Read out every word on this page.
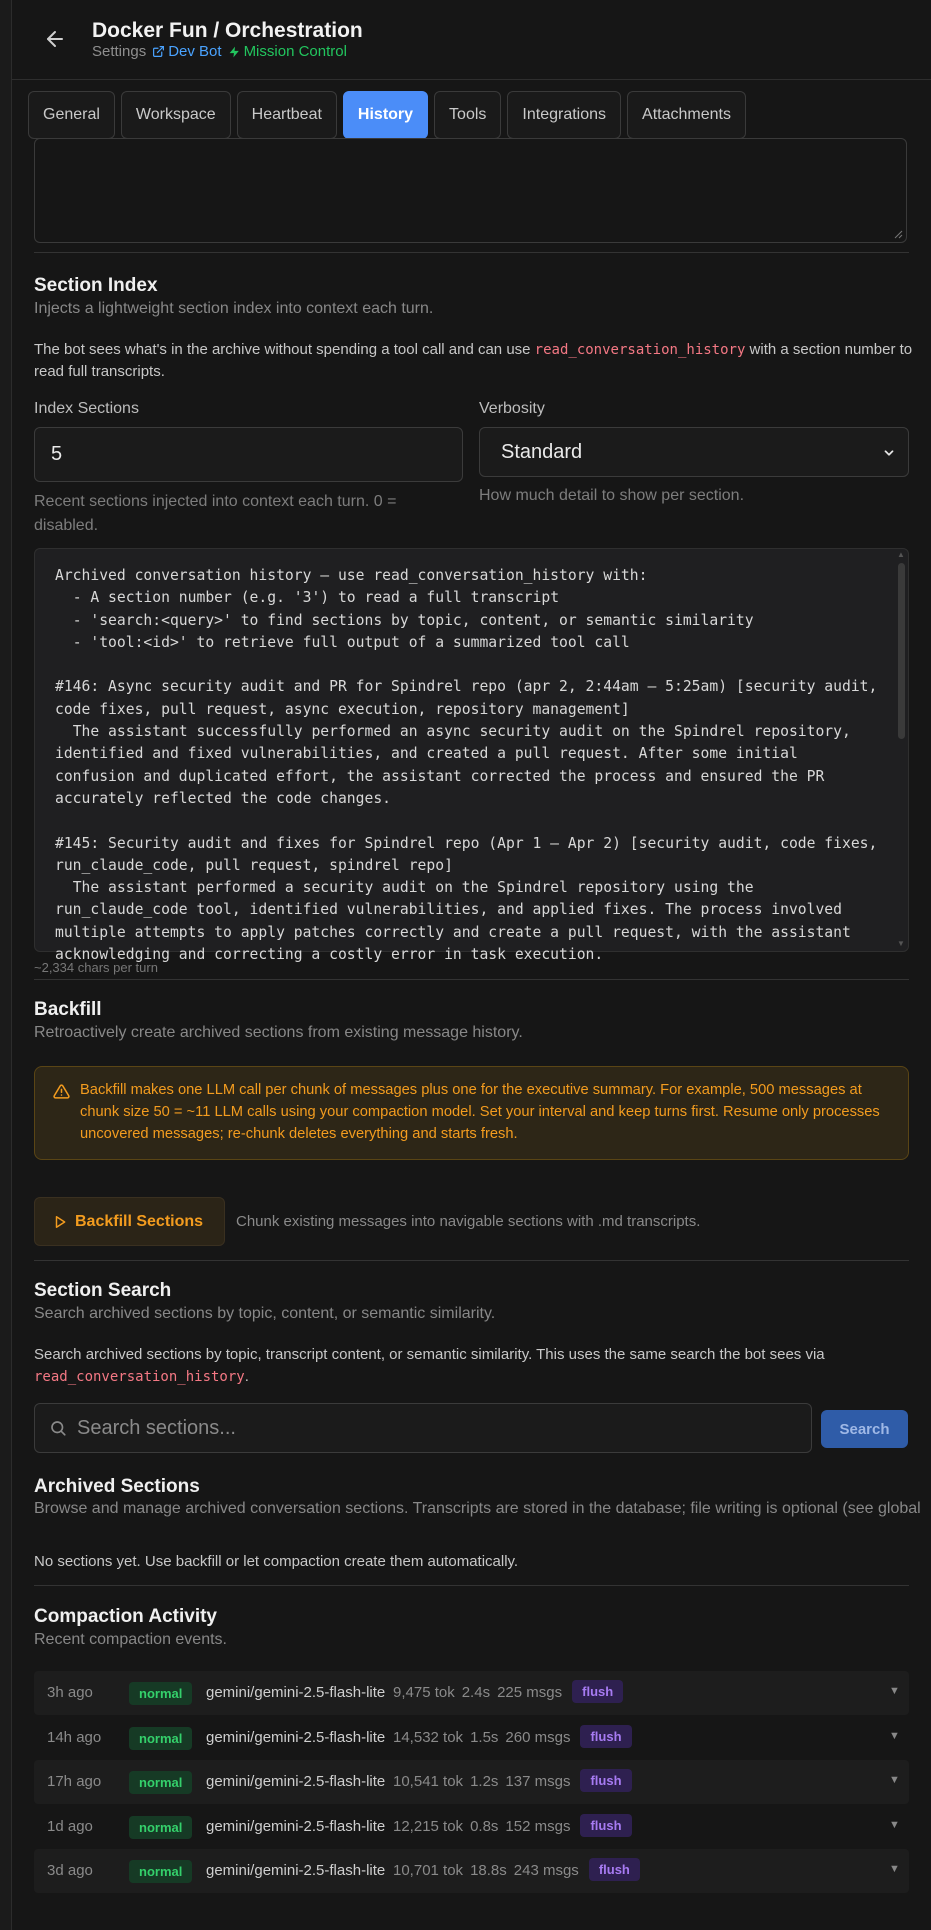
Docker Fun / Orchestration
Settings Dev Bot Mission Control
General	Workspace	Heartbeat	History	Tools	Integrations	Attachments
Section Index
Injects a lightweight section index into context each turn.
The bot sees what's in the archive without spending a tool call and can use read_conversation_history with a section number to read full transcripts.
Index Sections
5
Recent sections injected into context each turn. 0 = disabled.
Verbosity
Standard
How much detail to show per section.
Archived conversation history — use read_conversation_history with:
- A section number (e.g. '3') to read a full transcript
- 'search:<query>' to find sections by topic, content, or semantic similarity
- 'tool:<id>' to retrieve full output of a summarized tool call

#146: Async security audit and PR for Spindrel repo (apr 2, 2:44am — 5:25am) [security audit, code fixes, pull request, async execution, repository management]
The assistant successfully performed an async security audit on the Spindrel repository, identified and fixed vulnerabilities, and created a pull request. After some initial confusion and duplicated effort, the assistant corrected the process and ensured the PR accurately reflected the code changes.

#145: Security audit and fixes for Spindrel repo (Apr 1 — Apr 2) [security audit, code fixes, run_claude_code, pull request, spindrel repo]
The assistant performed a security audit on the Spindrel repository using the run_claude_code tool, identified vulnerabilities, and applied fixes. The process involved multiple attempts to apply patches correctly and create a pull request, with the assistant acknowledging and correcting a costly error in task execution.
▲
▼
~2,334 chars per turn
Backfill
Retroactively create archived sections from existing message history.
Backfill makes one LLM call per chunk of messages plus one for the executive summary. For example, 500 messages at chunk size 50 = ~11 LLM calls using your compaction model. Set your interval and keep turns first. Resume only processes uncovered messages; re-chunk deletes everything and starts fresh.
Backfill Sections Chunk existing messages into navigable sections with .md transcripts.
Section Search
Search archived sections by topic, content, or semantic similarity.
Search archived sections by topic, transcript content, or semantic similarity. This uses the same search the bot sees via read_conversation_history.
Search sections...	Search
Archived Sections
Browse and manage archived conversation sections. Transcripts are stored in the database; file writing is optional (see global
No sections yet. Use backfill or let compaction create them automatically.
Compaction Activity
Recent compaction events.
3h ago	normal	gemini/gemini-2.5-flash-lite 9,475 tok 2.4s 225 msgs	flush	▼
14h ago	normal	gemini/gemini-2.5-flash-lite 14,532 tok 1.5s 260 msgs	flush	▼
17h ago	normal	gemini/gemini-2.5-flash-lite 10,541 tok 1.2s 137 msgs	flush	▼
1d ago	normal	gemini/gemini-2.5-flash-lite 12,215 tok 0.8s 152 msgs	flush	▼
3d ago	normal	gemini/gemini-2.5-flash-lite 10,701 tok 18.8s 243 msgs	flush	▼
